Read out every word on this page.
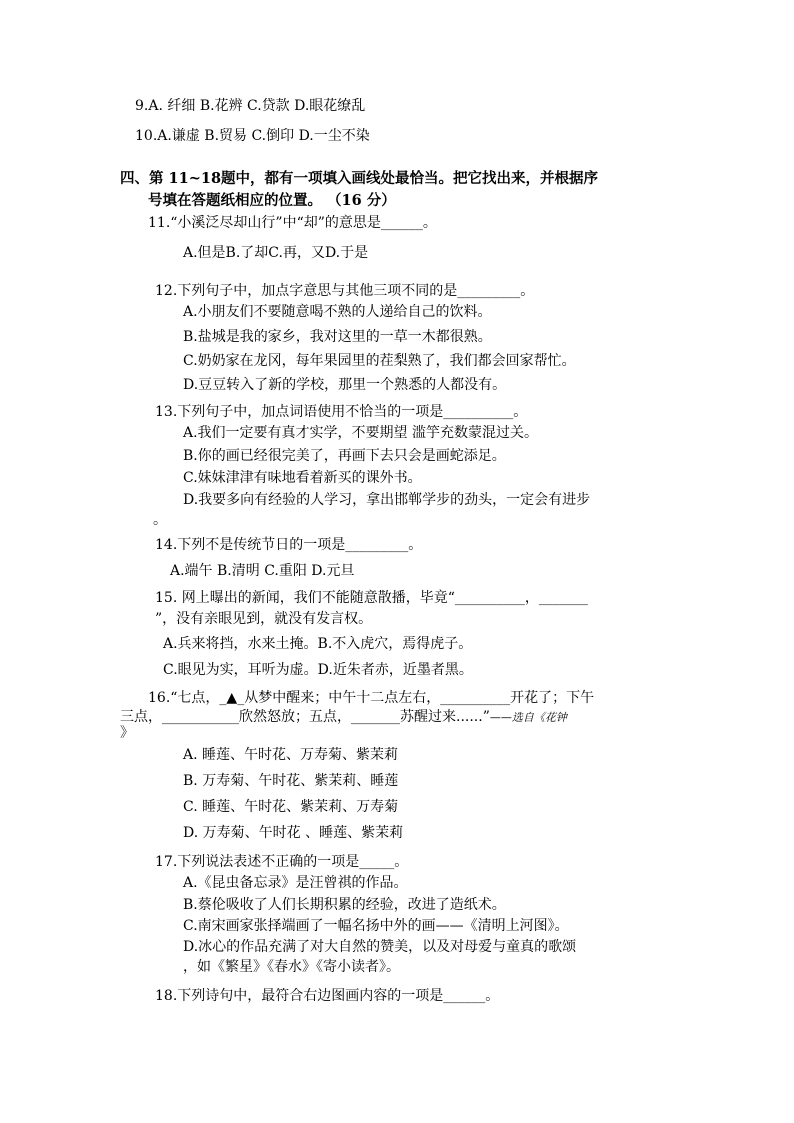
9.A. 纤细 B.花辨 C.贷款 D.眼花缭乱
10.A.谦虚 B.贸易 C.倒印 D.一尘不染
四、第 11~18题中，都有一项填入画线处最恰当。把它找出来，并根据序
号填在答题纸相应的位置。 （16 分）
11.“小溪泛尽却山行”中“却”的意思是______。
A.但是B.了却C.再，又D.于是
12.下列句子中，加点字意思与其他三项不同的是_________。
A.小朋友们不要随意喝不熟的人递给自己的饮料。
B.盐城是我的家乡，我对这里的一草一木都很熟。
C.奶奶家在龙冈，每年果园里的茬梨熟了，我们都会回家帮忙。
D.豆豆转入了新的学校，那里一个熟悉的人都没有。
13.下列句子中，加点词语使用不恰当的一项是__________。
A.我们一定要有真才实学，不要期望 滥竽充数蒙混过关。
B.你的画已经很完美了，再画下去只会是画蛇添足。
C.妹妹津津有味地看着新买的课外书。
D.我要多向有经验的人学习，拿出邯郸学步的劲头，一定会有进步
。
14.下列不是传统节日的一项是_________。
A.端午 B.清明 C.重阳 D.元旦
15. 网上曝出的新闻，我们不能随意散播，毕竟“__________，_______
”，没有亲眼见到，就没有发言权。
A.兵来将挡，水来土掩。B.不入虎穴，焉得虎子。
C.眼见为实，耳听为虚。D.近朱者赤，近墨者黑。
16.“七点，_▲_从梦中醒来；中午十二点左右，__________开花了；下午
三点，___________欣然怒放；五点，_______苏醒过来......”——选自《花钟
》
A. 睡莲、午时花、万寿菊、紫茉莉
B. 万寿菊、午时花、紫茉莉、睡莲
C. 睡莲、午时花、紫茉莉、万寿菊
D. 万寿菊、午时花 、睡莲、紫茉莉
17.下列说法表述不正确的一项是_____。
A.《昆虫备忘录》是汪曾祺的作品。
B.蔡伦吸收了人们长期积累的经验，改进了造纸术。
C.南宋画家张择端画了一幅名扬中外的画——《清明上河图》。
D.冰心的作品充满了对大自然的赞美，以及对母爱与童真的歌颂
，如《繁星》《春水》《寄小读者》。
18.下列诗句中，最符合右边图画内容的一项是______。
